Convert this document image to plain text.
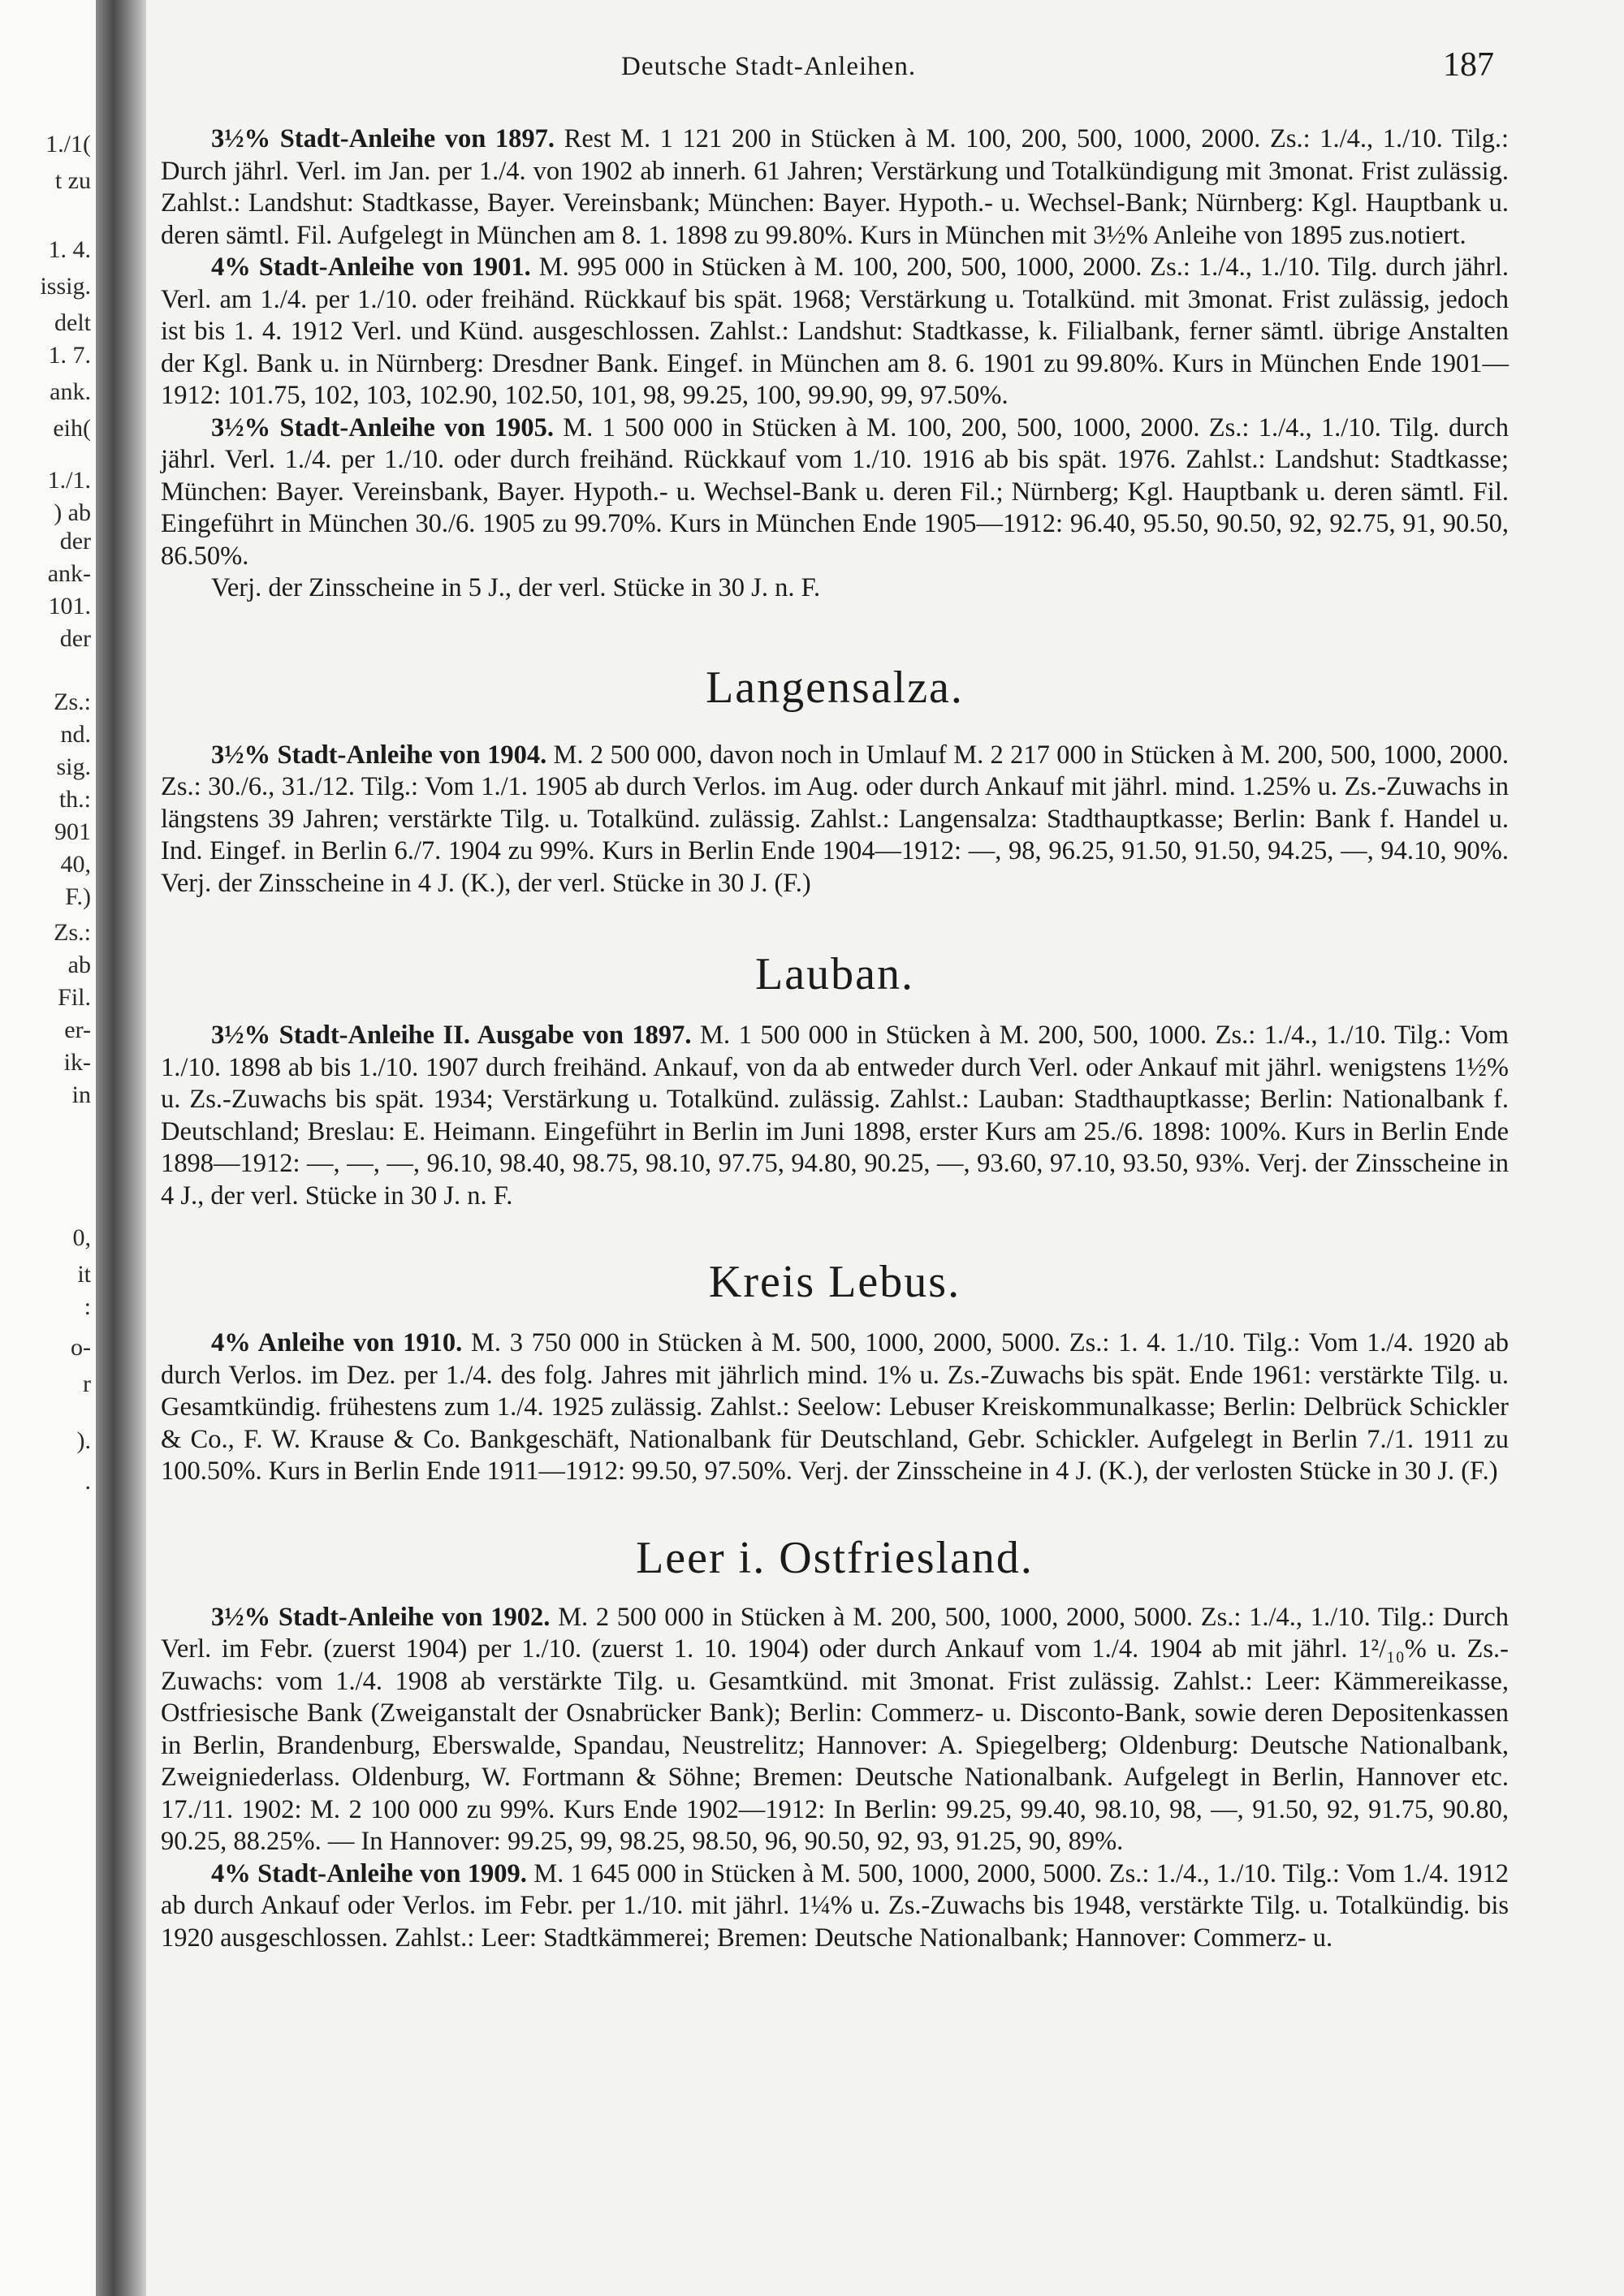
1./1(
t zu
1. 4.
issig.
delt
1. 7.
ank.
eih(
1./1.
) ab
der
ank-
101.
der
Zs.:
nd.
sig.
th.:
901
40,
F.)
Zs.:
ab
Fil.
er-
ik-
in
0,
it
:
o-
r
).
.
Deutsche Stadt-Anleihen.	187

3½% Stadt-Anleihe von 1897. Rest M. 1 121 200 in Stücken à M. 100, 200, 500, 1000, 2000. Zs.: 1./4., 1./10. Tilg.: Durch jährl. Verl. im Jan. per 1./4. von 1902 ab innerh. 61 Jahren; Verstärkung und Totalkündigung mit 3monat. Frist zulässig. Zahlst.: Landshut: Stadtkasse, Bayer. Vereinsbank; München: Bayer. Hypoth.- u. Wechsel-Bank; Nürnberg: Kgl. Hauptbank u. deren sämtl. Fil. Aufgelegt in München am 8. 1. 1898 zu 99.80%. Kurs in München mit 3½% Anleihe von 1895 zus.notiert.

4% Stadt-Anleihe von 1901. M. 995 000 in Stücken à M. 100, 200, 500, 1000, 2000. Zs.: 1./4., 1./10. Tilg. durch jährl. Verl. am 1./4. per 1./10. oder freihänd. Rückkauf bis spät. 1968; Verstärkung u. Totalkünd. mit 3monat. Frist zulässig, jedoch ist bis 1. 4. 1912 Verl. und Künd. ausgeschlossen. Zahlst.: Landshut: Stadtkasse, k. Filialbank, ferner sämtl. übrige Anstalten der Kgl. Bank u. in Nürnberg: Dresdner Bank. Eingef. in München am 8. 6. 1901 zu 99.80%. Kurs in München Ende 1901—1912: 101.75, 102, 103, 102.90, 102.50, 101, 98, 99.25, 100, 99.90, 99, 97.50%.

3½% Stadt-Anleihe von 1905. M. 1 500 000 in Stücken à M. 100, 200, 500, 1000, 2000. Zs.: 1./4., 1./10. Tilg. durch jährl. Verl. 1./4. per 1./10. oder durch freihänd. Rückkauf vom 1./10. 1916 ab bis spät. 1976. Zahlst.: Landshut: Stadtkasse; München: Bayer. Vereinsbank, Bayer. Hypoth.- u. Wechsel-Bank u. deren Fil.; Nürnberg; Kgl. Hauptbank u. deren sämtl. Fil. Eingeführt in München 30./6. 1905 zu 99.70%. Kurs in München Ende 1905—1912: 96.40, 95.50, 90.50, 92, 92.75, 91, 90.50, 86.50%.

Verj. der Zinsscheine in 5 J., der verl. Stücke in 30 J. n. F.

Langensalza.

3½% Stadt-Anleihe von 1904. M. 2 500 000, davon noch in Umlauf M. 2 217 000 in Stücken à M. 200, 500, 1000, 2000. Zs.: 30./6., 31./12. Tilg.: Vom 1./1. 1905 ab durch Verlos. im Aug. oder durch Ankauf mit jährl. mind. 1.25% u. Zs.-Zuwachs in längstens 39 Jahren; verstärkte Tilg. u. Totalkünd. zulässig. Zahlst.: Langensalza: Stadthauptkasse; Berlin: Bank f. Handel u. Ind. Eingef. in Berlin 6./7. 1904 zu 99%. Kurs in Berlin Ende 1904—1912: —, 98, 96.25, 91.50, 91.50, 94.25, —, 94.10, 90%. Verj. der Zinsscheine in 4 J. (K.), der verl. Stücke in 30 J. (F.)

Lauban.

3½% Stadt-Anleihe II. Ausgabe von 1897. M. 1 500 000 in Stücken à M. 200, 500, 1000. Zs.: 1./4., 1./10. Tilg.: Vom 1./10. 1898 ab bis 1./10. 1907 durch freihänd. Ankauf, von da ab entweder durch Verl. oder Ankauf mit jährl. wenigstens 1½% u. Zs.-Zuwachs bis spät. 1934; Verstärkung u. Totalkünd. zulässig. Zahlst.: Lauban: Stadthauptkasse; Berlin: Nationalbank f. Deutschland; Breslau: E. Heimann. Eingeführt in Berlin im Juni 1898, erster Kurs am 25./6. 1898: 100%. Kurs in Berlin Ende 1898—1912: —, —, —, 96.10, 98.40, 98.75, 98.10, 97.75, 94.80, 90.25, —, 93.60, 97.10, 93.50, 93%. Verj. der Zinsscheine in 4 J., der verl. Stücke in 30 J. n. F.

Kreis Lebus.

4% Anleihe von 1910. M. 3 750 000 in Stücken à M. 500, 1000, 2000, 5000. Zs.: 1. 4. 1./10. Tilg.: Vom 1./4. 1920 ab durch Verlos. im Dez. per 1./4. des folg. Jahres mit jährlich mind. 1% u. Zs.-Zuwachs bis spät. Ende 1961: verstärkte Tilg. u. Gesamtkündig. frühestens zum 1./4. 1925 zulässig. Zahlst.: Seelow: Lebuser Kreiskommunalkasse; Berlin: Delbrück Schickler & Co., F. W. Krause & Co. Bankgeschäft, Nationalbank für Deutschland, Gebr. Schickler. Aufgelegt in Berlin 7./1. 1911 zu 100.50%. Kurs in Berlin Ende 1911—1912: 99.50, 97.50%. Verj. der Zinsscheine in 4 J. (K.), der verlosten Stücke in 30 J. (F.)

Leer i. Ostfriesland.

3½% Stadt-Anleihe von 1902. M. 2 500 000 in Stücken à M. 200, 500, 1000, 2000, 5000. Zs.: 1./4., 1./10. Tilg.: Durch Verl. im Febr. (zuerst 1904) per 1./10. (zuerst 1. 10. 1904) oder durch Ankauf vom 1./4. 1904 ab mit jährl. 1²/₁₀% u. Zs.-Zuwachs: vom 1./4. 1908 ab verstärkte Tilg. u. Gesamtkünd. mit 3monat. Frist zulässig. Zahlst.: Leer: Kämmereikasse, Ostfriesische Bank (Zweiganstalt der Osnabrücker Bank); Berlin: Commerz- u. Disconto-Bank, sowie deren Depositenkassen in Berlin, Brandenburg, Eberswalde, Spandau, Neustrelitz; Hannover: A. Spiegelberg; Oldenburg: Deutsche Nationalbank, Zweigniederlass. Oldenburg, W. Fortmann & Söhne; Bremen: Deutsche Nationalbank. Aufgelegt in Berlin, Hannover etc. 17./11. 1902: M. 2 100 000 zu 99%. Kurs Ende 1902—1912: In Berlin: 99.25, 99.40, 98.10, 98, —, 91.50, 92, 91.75, 90.80, 90.25, 88.25%. — In Hannover: 99.25, 99, 98.25, 98.50, 96, 90.50, 92, 93, 91.25, 90, 89%.

4% Stadt-Anleihe von 1909. M. 1 645 000 in Stücken à M. 500, 1000, 2000, 5000. Zs.: 1./4., 1./10. Tilg.: Vom 1./4. 1912 ab durch Ankauf oder Verlos. im Febr. per 1./10. mit jährl. 1¼% u. Zs.-Zuwachs bis 1948, verstärkte Tilg. u. Totalkündig. bis 1920 ausgeschlossen. Zahlst.: Leer: Stadtkämmerei; Bremen: Deutsche Nationalbank; Hannover: Commerz- u.
